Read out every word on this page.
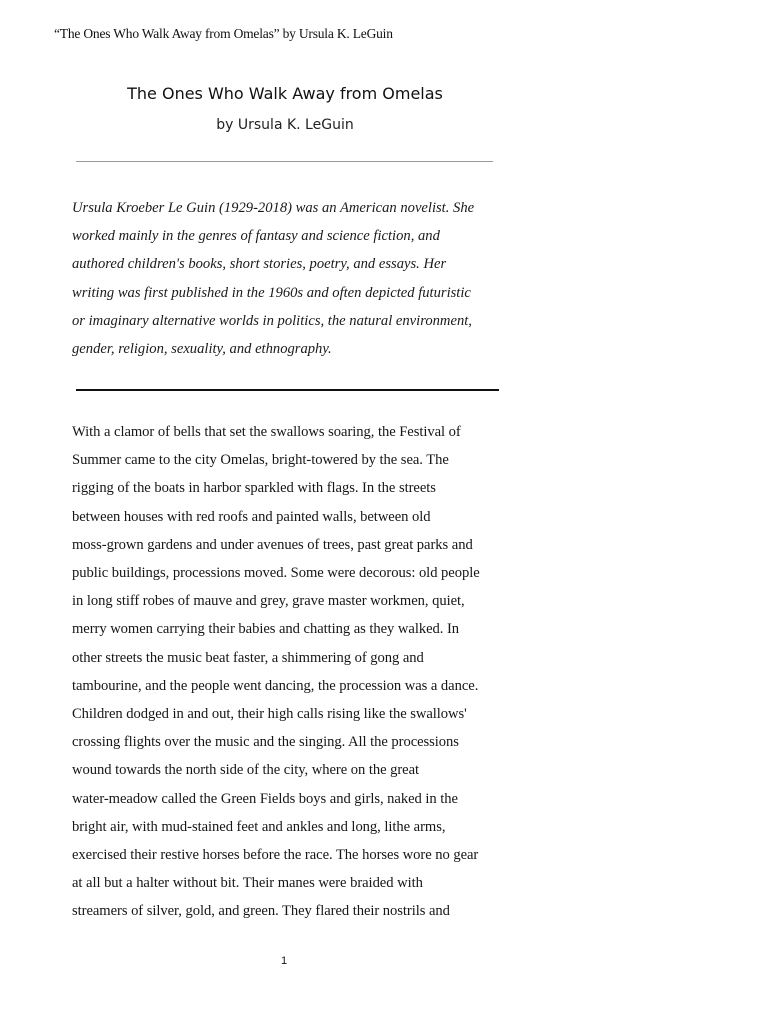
“The Ones Who Walk Away from Omelas” by Ursula K. LeGuin
The Ones Who Walk Away from Omelas
by Ursula K. LeGuin

Ursula Kroeber Le Guin (1929-2018) was an American novelist. She
worked mainly in the genres of fantasy and science fiction, and
authored children's books, short stories, poetry, and essays. Her
writing was first published in the 1960s and often depicted futuristic
or imaginary alternative worlds in politics, the natural environment,
gender, religion, sexuality, and ethnography.

With a clamor of bells that set the swallows soaring, the Festival of
Summer came to the city Omelas, bright-towered by the sea. The
rigging of the boats in harbor sparkled with flags. In the streets
between houses with red roofs and painted walls, between old
moss-grown gardens and under avenues of trees, past great parks and
public buildings, processions moved. Some were decorous: old people
in long stiff robes of mauve and grey, grave master workmen, quiet,
merry women carrying their babies and chatting as they walked. In
other streets the music beat faster, a shimmering of gong and
tambourine, and the people went dancing, the procession was a dance.
Children dodged in and out, their high calls rising like the swallows'
crossing flights over the music and the singing. All the processions
wound towards the north side of the city, where on the great
water-meadow called the Green Fields boys and girls, naked in the
bright air, with mud-stained feet and ankles and long, lithe arms,
exercised their restive horses before the race. The horses wore no gear
at all but a halter without bit. Their manes were braided with
streamers of silver, gold, and green. They flared their nostrils and

1
